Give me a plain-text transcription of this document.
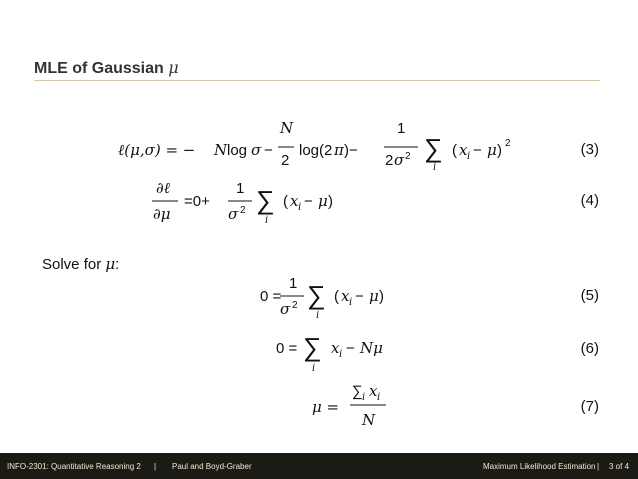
MLE of Gaussian μ
ℓ(μ,σ) = − N log σ −
N
2
log(2 π )−
1
2 σ 2 ∑
i
( x i − μ ) 2	(3)
∂ℓ
∂μ
=0+
1
σ 2 ∑
i
( x i − μ )	(4)
Solve for μ:
0 =
1
σ 2 ∑
i
( x i − μ )	(5)
0 = ∑
i
x i − Nμ	(6)
μ =
∑ i x i
N
(7)
INFO-2301: Quantitative Reasoning 2 | Paul and Boyd-Graber	Maximum Likelihood Estimation | 3 of 4
